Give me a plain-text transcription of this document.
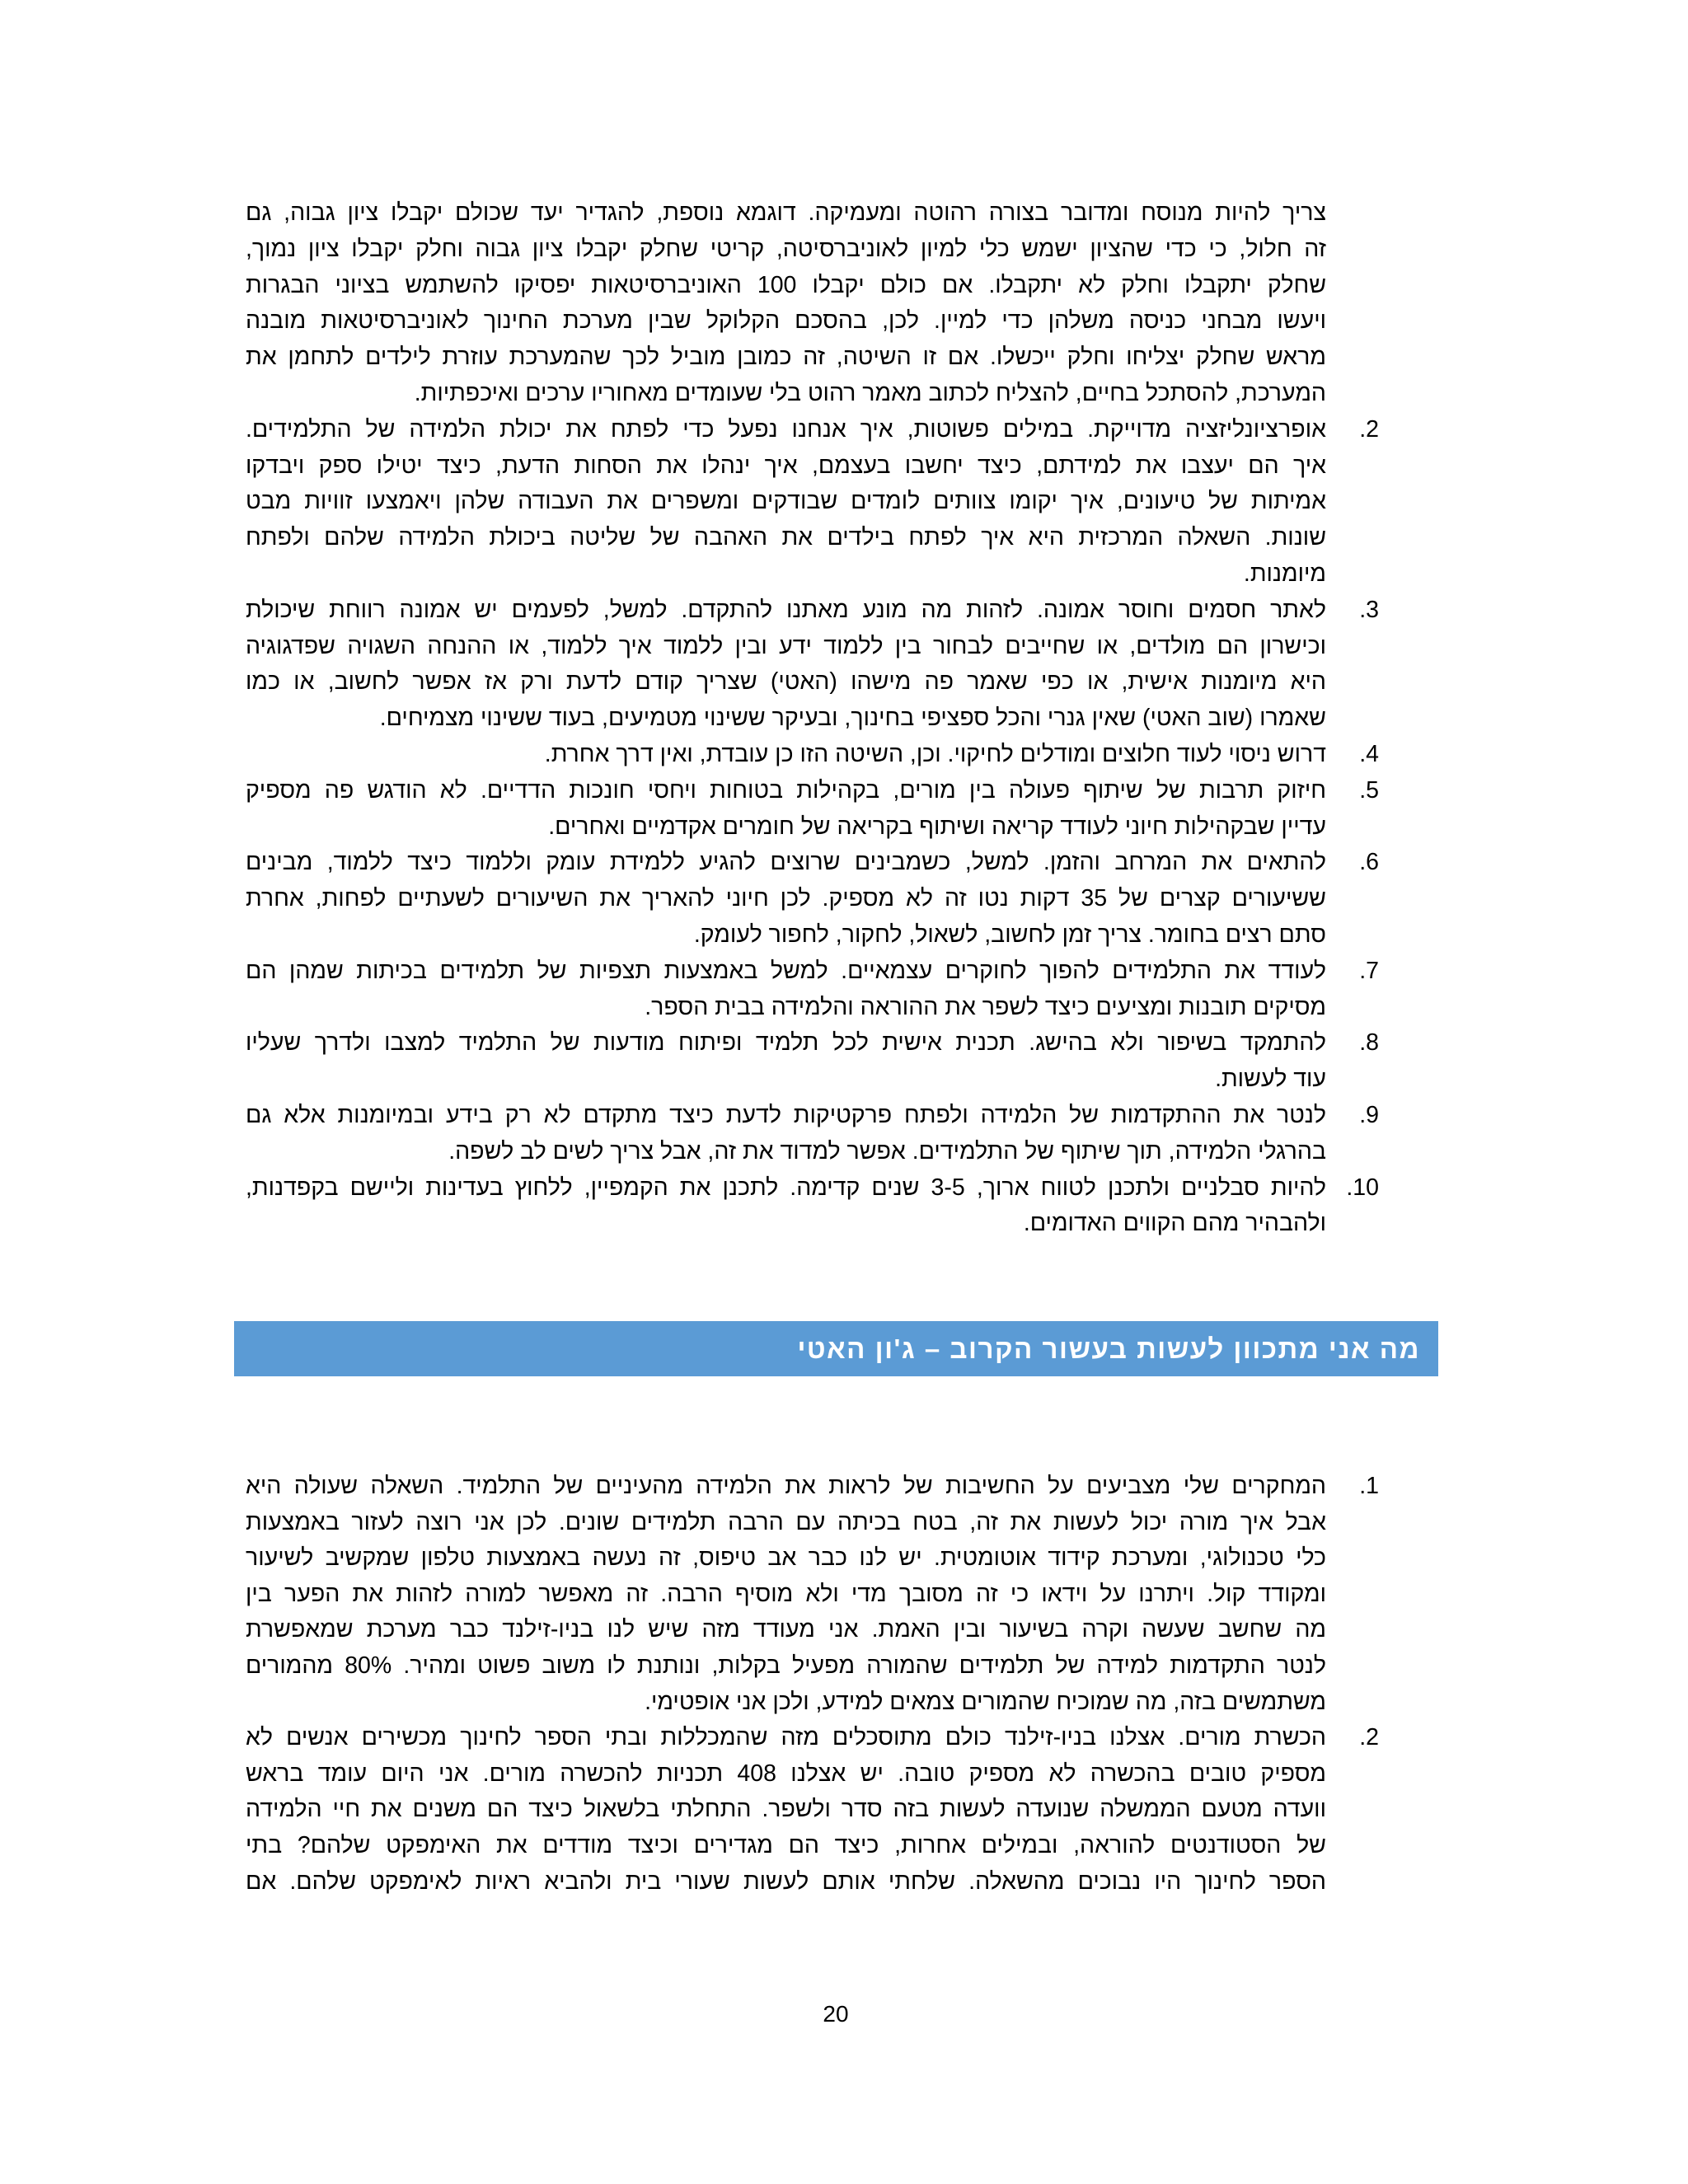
צריך להיות מנוסח ומדובר בצורה רהוטה ומעמיקה. דוגמא נוספת, להגדיר יעד שכולם יקבלו ציון גבוה, גם
זה חלול, כי כדי שהציון ישמש כלי למיון לאוניברסיטה, קריטי שחלק יקבלו ציון גבוה וחלק יקבלו ציון נמוך,
שחלק יתקבלו וחלק לא יתקבלו. אם כולם יקבלו 100 האוניברסיטאות יפסיקו להשתמש בציוני הבגרות
ויעשו מבחני כניסה משלהן כדי למיין. לכן, בהסכם הקלוקל שבין מערכת החינוך לאוניברסיטאות מובנה
מראש שחלק יצליחו וחלק ייכשלו. אם זו השיטה, זה כמובן מוביל לכך שהמערכת עוזרת לילדים לתחמן את
המערכת, להסתכל בחיים, להצליח לכתוב מאמר רהוט בלי שעומדים מאחוריו ערכים ואיכפתיות.
2.
אופרציונליזציה מדוייקת. במילים פשוטות, איך אנחנו נפעל כדי לפתח את יכולת הלמידה של התלמידים.
איך הם יעצבו את למידתם, כיצד יחשבו בעצמם, איך ינהלו את הסחות הדעת, כיצד יטילו ספק ויבדקו
אמיתות של טיעונים, איך יקומו צוותים לומדים שבודקים ומשפרים את העבודה שלהן ויאמצעו זוויות מבט
שונות. השאלה המרכזית היא איך לפתח בילדים את האהבה של שליטה ביכולת הלמידה שלהם ולפתח
מיומנות.
3.
לאתר חסמים וחוסר אמונה. לזהות מה מונע מאתנו להתקדם. למשל, לפעמים יש אמונה רווחת שיכולת
וכישרון הם מולדים, או שחייבים לבחור בין ללמוד ידע ובין ללמוד איך ללמוד, או ההנחה השגויה שפדגוגיה
היא מיומנות אישית, או כפי שאמר פה מישהו (האטי) שצריך קודם לדעת ורק אז אפשר לחשוב, או כמו
שאמרו (שוב האטי) שאין גנרי והכל ספציפי בחינוך, ובעיקר ששינוי מטמיעים, בעוד ששינוי מצמיחים.
4.
דרוש ניסוי לעוד חלוצים ומודלים לחיקוי. וכן, השיטה הזו כן עובדת, ואין דרך אחרת.
5.
חיזוק תרבות של שיתוף פעולה בין מורים, בקהילות בטוחות ויחסי חונכות הדדיים. לא הודגש פה מספיק
עדיין שבקהילות חיוני לעודד קריאה ושיתוף בקריאה של חומרים אקדמיים ואחרים.
6.
להתאים את המרחב והזמן. למשל, כשמבינים שרוצים להגיע ללמידת עומק וללמוד כיצד ללמוד, מבינים
ששיעורים קצרים של 35 דקות נטו זה לא מספיק. לכן חיוני להאריך את השיעורים לשעתיים לפחות, אחרת
סתם רצים בחומר. צריך זמן לחשוב, לשאול, לחקור, לחפור לעומק.
7.
לעודד את התלמידים להפוך לחוקרים עצמאיים. למשל באמצעות תצפיות של תלמידים בכיתות שמהן הם
מסיקים תובנות ומציעים כיצד לשפר את ההוראה והלמידה בבית הספר.
8.
להתמקד בשיפור ולא בהישג. תכנית אישית לכל תלמיד ופיתוח מודעות של התלמיד למצבו ולדרך שעליו
עוד לעשות.
9.
לנטר את ההתקדמות של הלמידה ולפתח פרקטיקות לדעת כיצד מתקדם לא רק בידע ובמיומנות אלא גם
בהרגלי הלמידה, תוך שיתוף של התלמידים. אפשר למדוד את זה, אבל צריך לשים לב לשפה.
10.
להיות סבלניים ולתכנן לטווח ארוך, 3-5 שנים קדימה. לתכנן את הקמפיין, ללחוץ בעדינות וליישם בקפדנות,
ולהבהיר מהם הקווים האדומים.
מה אני מתכוון לעשות בעשור הקרוב – ג'ון האטי
1.
המחקרים שלי מצביעים על החשיבות של לראות את הלמידה מהעיניים של התלמיד. השאלה שעולה היא
אבל איך מורה יכול לעשות את זה, בטח בכיתה עם הרבה תלמידים שונים. לכן אני רוצה לעזור באמצעות
כלי טכנולוגי, ומערכת קידוד אוטומטית. יש לנו כבר אב טיפוס, זה נעשה באמצעות טלפון שמקשיב לשיעור
ומקודד קול. ויתרנו על וידאו כי זה מסובך מדי ולא מוסיף הרבה. זה מאפשר למורה לזהות את הפער בין
מה שחשב שעשה וקרה בשיעור ובין האמת. אני מעודד מזה שיש לנו בניו-זילנד כבר מערכת שמאפשרת
לנטר התקדמות למידה של תלמידים שהמורה מפעיל בקלות, ונותנת לו משוב פשוט ומהיר. 80% מהמורים
משתמשים בזה, מה שמוכיח שהמורים צמאים למידע, ולכן אני אופטימי.
2.
הכשרת מורים. אצלנו בניו-זילנד כולם מתוסכלים מזה שהמכללות ובתי הספר לחינוך מכשירים אנשים לא
מספיק טובים בהכשרה לא מספיק טובה. יש אצלנו 408 תכניות להכשרה מורים. אני היום עומד בראש
וועדה מטעם הממשלה שנועדה לעשות בזה סדר ולשפר. התחלתי בלשאול כיצד הם משנים את חיי הלמידה
של הסטודנטים להוראה, ובמילים אחרות, כיצד הם מגדירים וכיצד מודדים את האימפקט שלהם? בתי
הספר לחינוך היו נבוכים מהשאלה. שלחתי אותם לעשות שעורי בית ולהביא ראיות לאימפקט שלהם. אם
20
